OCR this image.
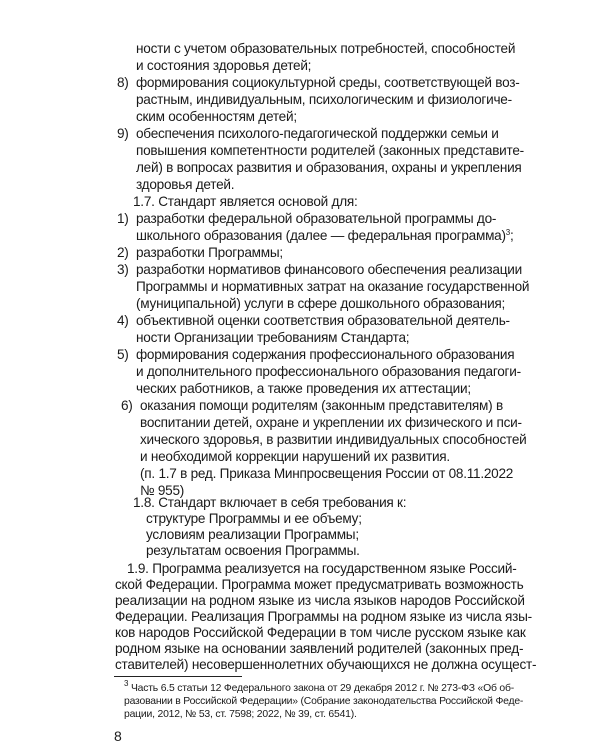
ности с учетом образовательных потребностей, способностей
и состояния здоровья детей;
8) формирования социокультурной среды, соответствующей воз-
растным, индивидуальным, психологическим и физиологиче-
ским особенностям детей;
9) обеспечения психолого-педагогической поддержки семьи и
повышения компетентности родителей (законных представите-
лей) в вопросах развития и образования, охраны и укрепления
здоровья детей.
1.7. Стандарт является основой для:
1) разработки федеральной образовательной программы до-
школьного образования (далее — федеральная программа)$^3$;
2) разработки Программы;
3) разработки нормативов финансового обеспечения реализации
Программы и нормативных затрат на оказание государственной
(муниципальной) услуги в сфере дошкольного образования;
4) объективной оценки соответствия образовательной деятель-
ности Организации требованиям Стандарта;
5) формирования содержания профессионального образования
и дополнительного профессионального образования педагоги-
ческих работников, а также проведения их аттестации;
6) оказания помощи родителям (законным представителям) в
воспитании детей, охране и укреплении их физического и пси-
хического здоровья, в развитии индивидуальных способностей
и необходимой коррекции нарушений их развития.
(п. 1.7 в ред. Приказа Минпросвещения России от 08.11.2022
№ 955)
1.8. Стандарт включает в себя требования к:
структуре Программы и ее объему;
условиям реализации Программы;
результатам освоения Программы.
$^3$ Часть 6.5 статьи 12 Федерального закона от 29 декабря 2012 г. № 273-ФЗ «Об об-
разовании в Российской Федерации» (Собрание законодательства Российской Феде-
рации, 2012, № 53, ст. 7598; 2022, № 39, ст. 6541).
8
1.9. Программа реализуется на государственном языке Россий-
ской Федерации. Программа может предусматривать возможность
реализации на родном языке из числа языков народов Российской
Федерации. Реализация Программы на родном языке из числа язы-
ков народов Российской Федерации в том числе русском языке как
родном языке на основании заявлений родителей (законных пред-
ставителей) несовершеннолетних обучающихся не должна осущест-
